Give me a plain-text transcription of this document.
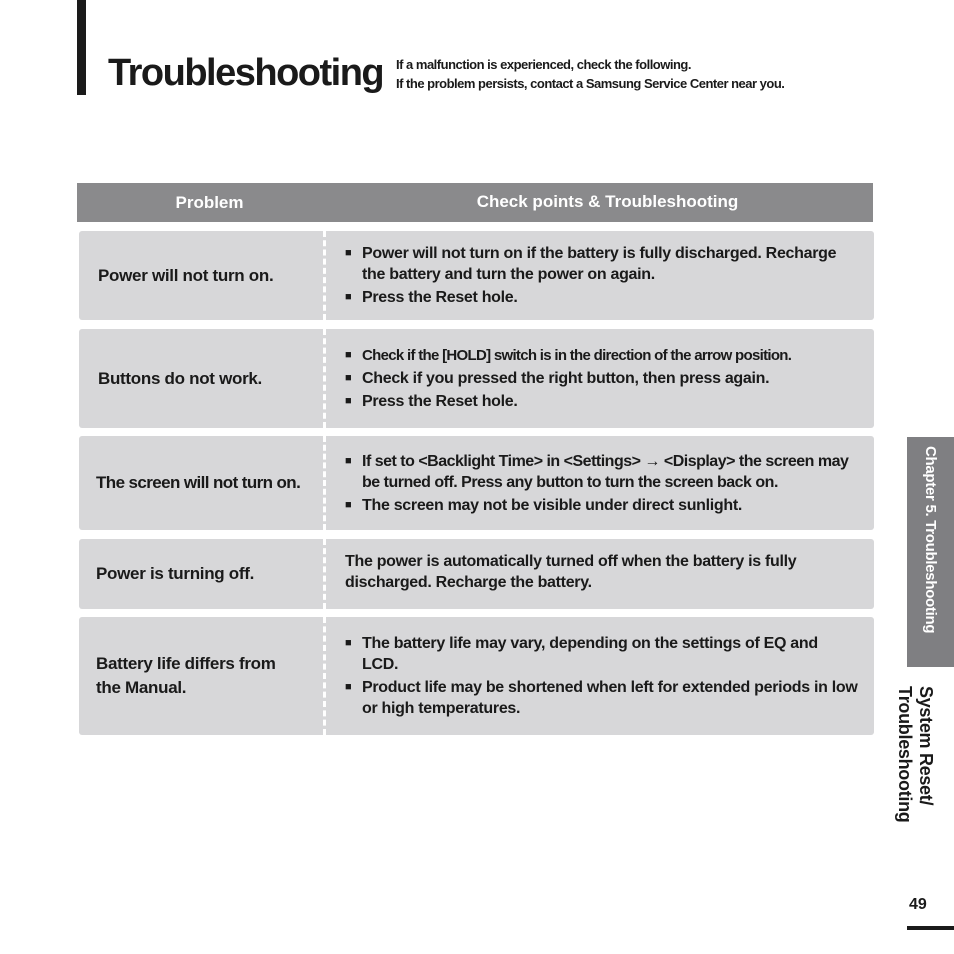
Troubleshooting If a malfunction is experienced, check the following.
If the problem persists, contact a Samsung Service Center near you.
Problem	Check points & Troubleshooting
Power will not turn on.
■ Power will not turn on if the battery is fully discharged. Recharge the battery and turn the power on again.
■ Press the Reset hole.
Buttons do not work.
■ Check if the [HOLD] switch is in the direction of the arrow position.
■ Check if you pressed the right button, then press again.
■ Press the Reset hole.
The screen will not turn on.
■ If set to <Backlight Time> in <Settings> → <Display> the screen may be turned off. Press any button to turn the screen back on.
■ The screen may not be visible under direct sunlight.
Power is turning off.

The power is automatically turned off when the battery is fully discharged. Recharge the battery.

Battery life differs from
the Manual.
■ The battery life may vary, depending on the settings of EQ and LCD.
■ Product life may be shortened when left for extended periods in low or high temperatures.
Chapter 5. Troubleshooting
System Reset/
Troubleshooting
49
